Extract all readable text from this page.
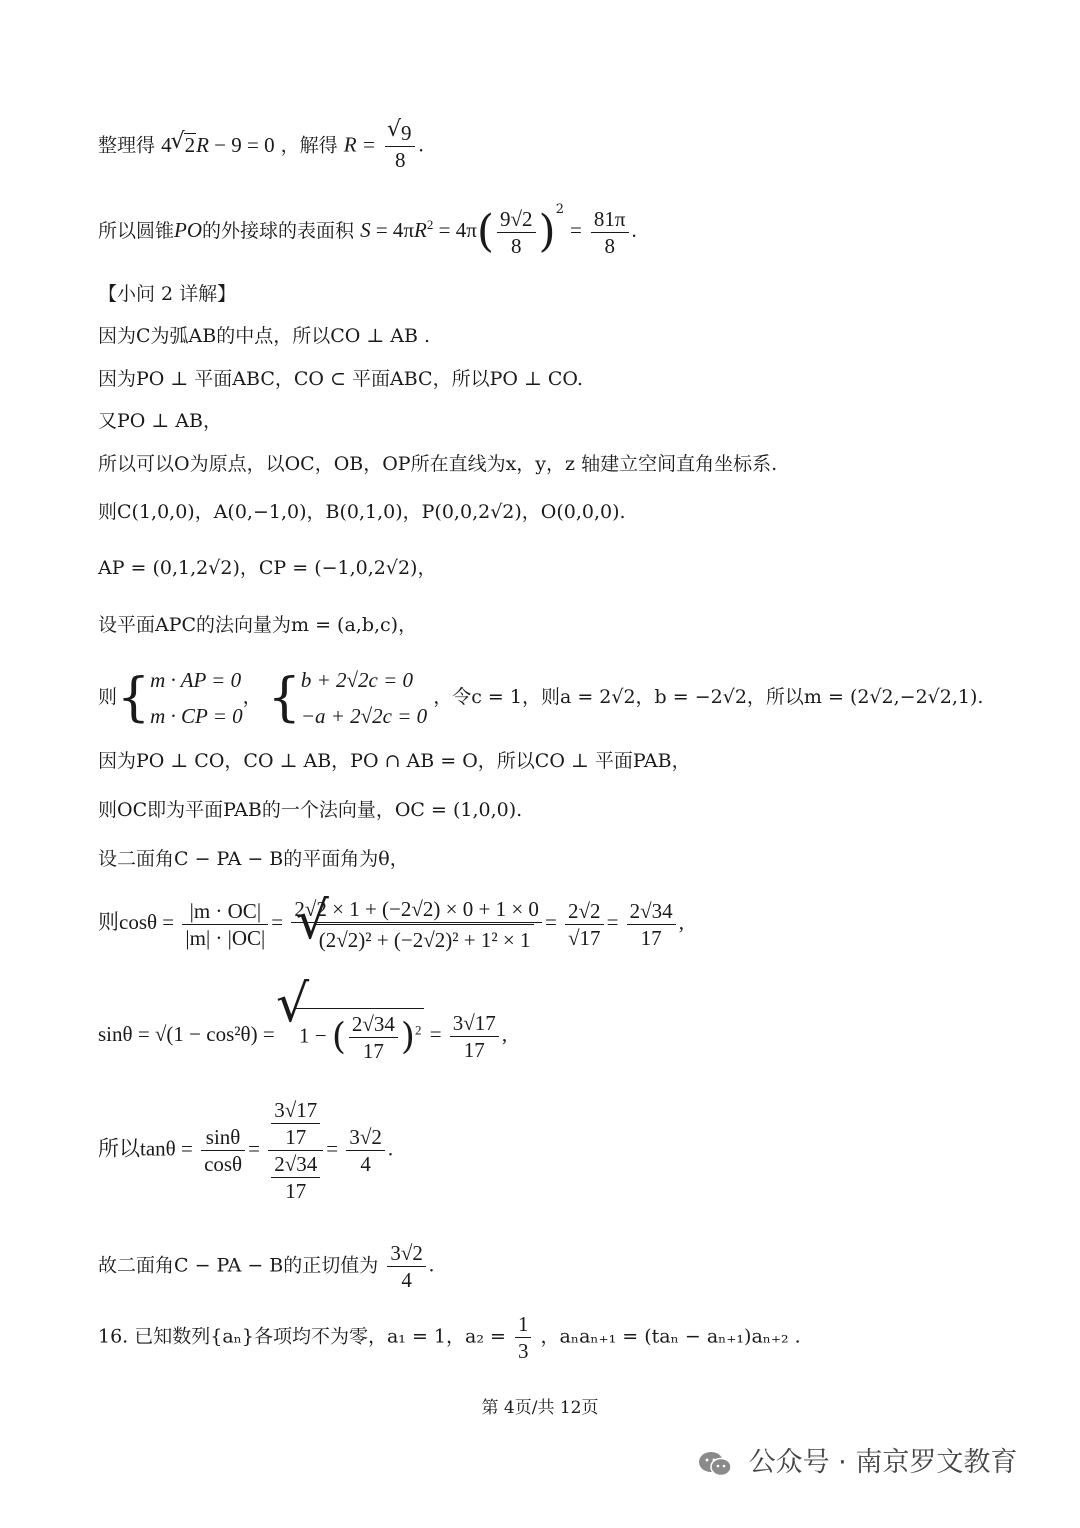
整理得 4 √ 2R − 9 = 0 ，解得 R = √ $\frac{9}{8}$ .
所以圆锥PO的外接球的表面积 $S = 4\pi R^2 = 4\pi( \frac{9√2}{8} )^2 = \frac{81\pi}{8}$ .
【小问 2 详解】
因为C为弧AB的中点，所以CO ⊥ AB .
因为PO ⊥ 平面ABC，CO ⊂ 平面ABC，所以PO ⊥ CO.
又PO ⊥ AB，
所以可以O为原点，以OC，OB，OP所在直线为x，y，z 轴建立空间直角坐标系.
则C(1,0,0)，A(0,−1,0)，B(0,1,0)，P(0,0,2√2)，O(0,0,0).
AP = (0,1,2√2)，CP = (−1,0,2√2)，
设平面APC的法向量为m = (a,b,c)，
则{m · AP = 0
m · CP = 0， {b + 2√2c = 0
−a + 2√2c = 0 ，令c = 1，则a = 2√2，b = −2√2，所以m = (2√2,−2√2,1).
因为PO ⊥ CO，CO ⊥ AB，PO ∩ AB = O，所以CO ⊥ 平面PAB，
则OC即为平面PAB的一个法向量，OC = (1,0,0).
设二面角C − PA − B的平面角为θ，
则$\cos\theta = \frac{|m \cdot OC|}{|m| \cdot |OC|} = 2√2 \times 1 + (-2√2) \times 0 + 1 \times 0$
√ $(2√2)^2 + (-2√2)^2 + 1^2 \times 1 = \frac{2√2}{√17} = \frac{2√34}{17}$ ,
sinθ = √(1 − cos²θ) = √ 1 − ( $\frac{2√34}{17} )^2 = \frac{3√17}{17}$ ,
所以$\tan\theta = \frac{\sin\theta}{\cos\theta} = \frac{\frac{3√17}{17}}{\frac{2√34}{17}} = \frac{3√2}{4}$ .
故二面角C − PA − B的正切值为 $\frac{3√2}{4}$ .
16. 已知数列{aₙ}各项均不为零，a₁ = 1，$a_2 = \frac{1}{3}$ ，aₙaₙ₊₁ = (taₙ − aₙ₊₁)aₙ₊₂ .
第 4页/共 12页
公众号 · 南京罗文教育
